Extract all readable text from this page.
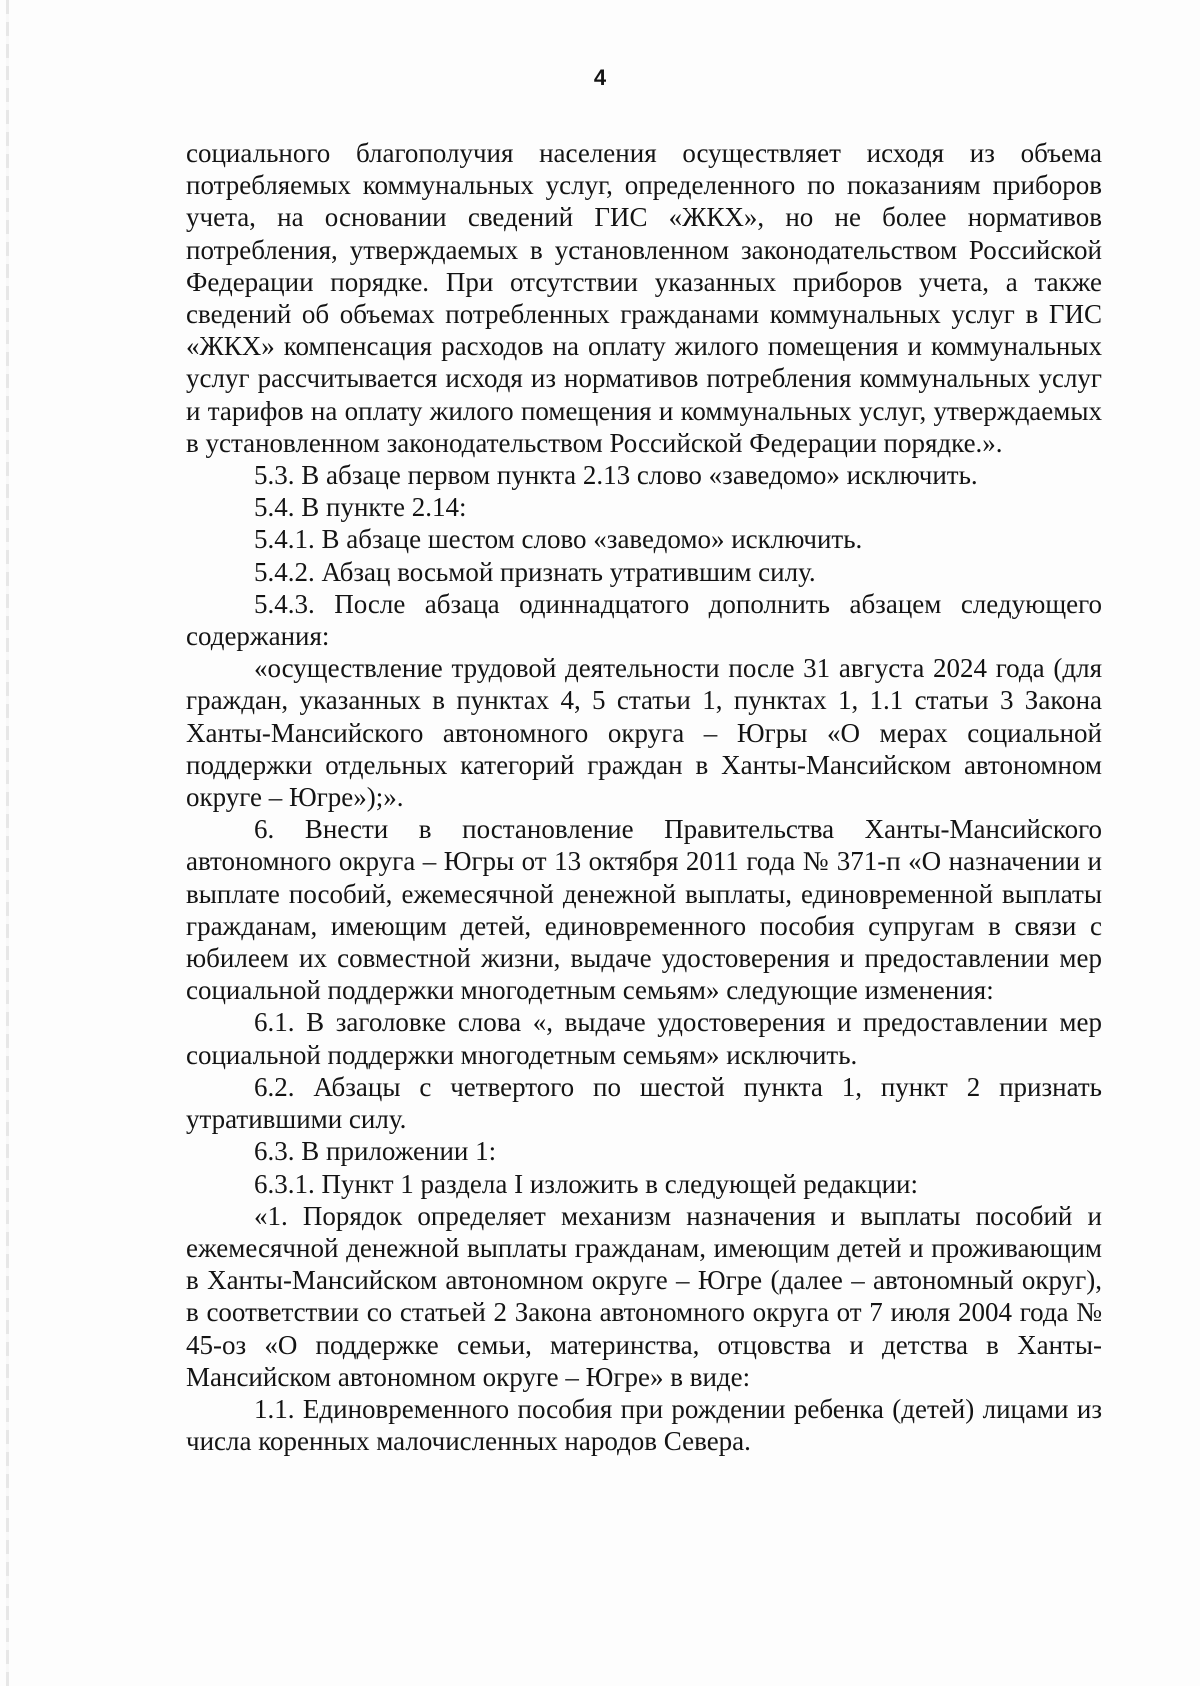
4

социального благополучия населения осуществляет исходя из объема потребляемых коммунальных услуг, определенного по показаниям приборов учета, на основании сведений ГИС «ЖКХ», но не более нормативов потребления, утверждаемых в установленном законодательством Российской Федерации порядке. При отсутствии указанных приборов учета, а также сведений об объемах потребленных гражданами коммунальных услуг в ГИС «ЖКХ» компенсация расходов на оплату жилого помещения и коммунальных услуг рассчитывается исходя из нормативов потребления коммунальных услуг и тарифов на оплату жилого помещения и коммунальных услуг, утверждаемых в установленном законодательством Российской Федерации порядке.».

5.3. В абзаце первом пункта 2.13 слово «заведомо» исключить.

5.4. В пункте 2.14:

5.4.1. В абзаце шестом слово «заведомо» исключить.

5.4.2. Абзац восьмой признать утратившим силу.

5.4.3. После абзаца одиннадцатого дополнить абзацем следующего содержания:

«осуществление трудовой деятельности после 31 августа 2024 года (для граждан, указанных в пунктах 4, 5 статьи 1, пунктах 1, 1.1 статьи 3 Закона Ханты-Мансийского автономного округа – Югры «О мерах социальной поддержки отдельных категорий граждан в Ханты-Мансийском автономном округе – Югре»);».

6. Внести в постановление Правительства Ханты-Мансийского автономного округа – Югры от 13 октября 2011 года № 371-п «О назначении и выплате пособий, ежемесячной денежной выплаты, единовременной выплаты гражданам, имеющим детей, единовременного пособия супругам в связи с юбилеем их совместной жизни, выдаче удостоверения и предоставлении мер социальной поддержки многодетным семьям» следующие изменения:

6.1. В заголовке слова «, выдаче удостоверения и предоставлении мер социальной поддержки многодетным семьям» исключить.

6.2. Абзацы с четвертого по шестой пункта 1, пункт 2 признать утратившими силу.

6.3. В приложении 1:

6.3.1. Пункт 1 раздела I изложить в следующей редакции:

«1. Порядок определяет механизм назначения и выплаты пособий и ежемесячной денежной выплаты гражданам, имеющим детей и проживающим в Ханты-Мансийском автономном округе – Югре (далее – автономный округ), в соответствии со статьей 2 Закона автономного округа от 7 июля 2004 года № 45-оз «О поддержке семьи, материнства, отцовства и детства в Ханты-Мансийском автономном округе – Югре» в виде:

1.1. Единовременного пособия при рождении ребенка (детей) лицами из числа коренных малочисленных народов Севера.
